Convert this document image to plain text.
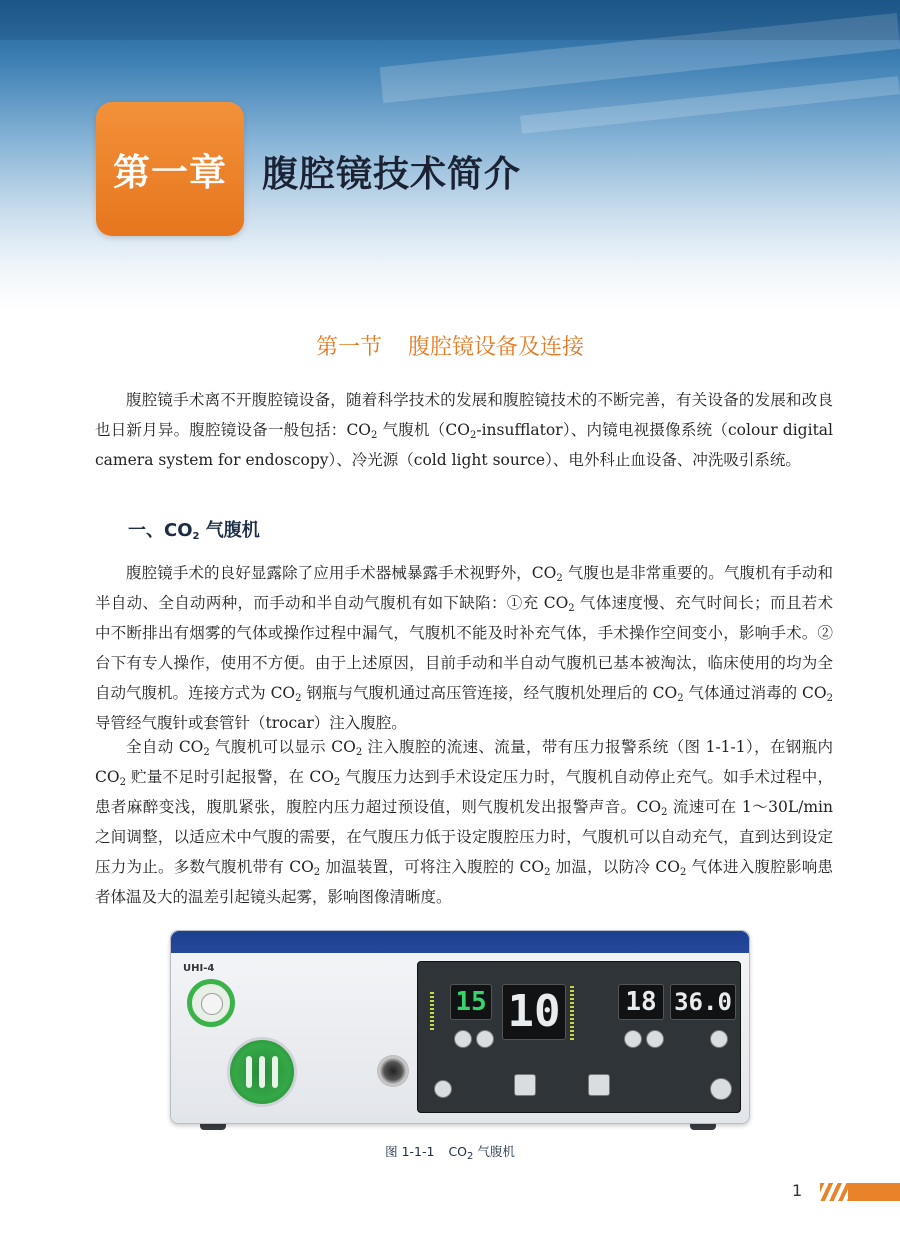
第一章 腹腔镜技术简介
第一节 腹腔镜设备及连接

腹腔镜手术离不开腹腔镜设备，随着科学技术的发展和腹腔镜技术的不断完善，有关设备的发展和改良也日新月异。腹腔镜设备一般包括：$CO_2$ 气腹机$(CO_2-insufflator)$、内镜电视摄像系统（colour digital camera system for endoscopy）、冷光源（cold light source）、电外科止血设备、冲洗吸引系统。

一、$CO_2$ 气腹机

腹腔镜手术的良好显露除了应用手术器械暴露手术视野外，$CO_2$ 气腹也是非常重要的。气腹机有手动和半自动、全自动两种，而手动和半自动气腹机有如下缺陷：①充 $CO_2$ 气体速度慢、充气时间长；而且若术中不断排出有烟雾的气体或操作过程中漏气，气腹机不能及时补充气体，手术操作空间变小，影响手术。②台下有专人操作，使用不方便。由于上述原因，目前手动和半自动气腹机已基本被淘汰，临床使用的均为全自动气腹机。连接方式为 $CO_2$ 钢瓶与气腹机通过高压管连接，经气腹机处理后的 $CO_2$ 气体通过消毒的 $CO_2$ 导管经气腹针或套管针（trocar）注入腹腔。

全自动 $CO_2$ 气腹机可以显示 $CO_2$ 注入腹腔的流速、流量，带有压力报警系统（图 1-1-1），在钢瓶内 $CO_2$ 贮量不足时引起报警，在 $CO_2$ 气腹压力达到手术设定压力时，气腹机自动停止充气。如手术过程中，患者麻醉变浅，腹肌紧张，腹腔内压力超过预设值，则气腹机发出报警声音。$CO_2$ 流速可在 1～30L/min 之间调整，以适应术中气腹的需要，在气腹压力低于设定腹腔压力时，气腹机可以自动充气，直到达到设定压力为止。多数气腹机带有 $CO_2$ 加温装置，可将注入腹腔的 $CO_2$ 加温，以防冷 $CO_2$ 气体进入腹腔影响患者体温及大的温差引起镜头起雾，影响图像清晰度。

UHI-4
15 10 18 36.0
图 1-1-1 $CO_2$ 气腹机
1
